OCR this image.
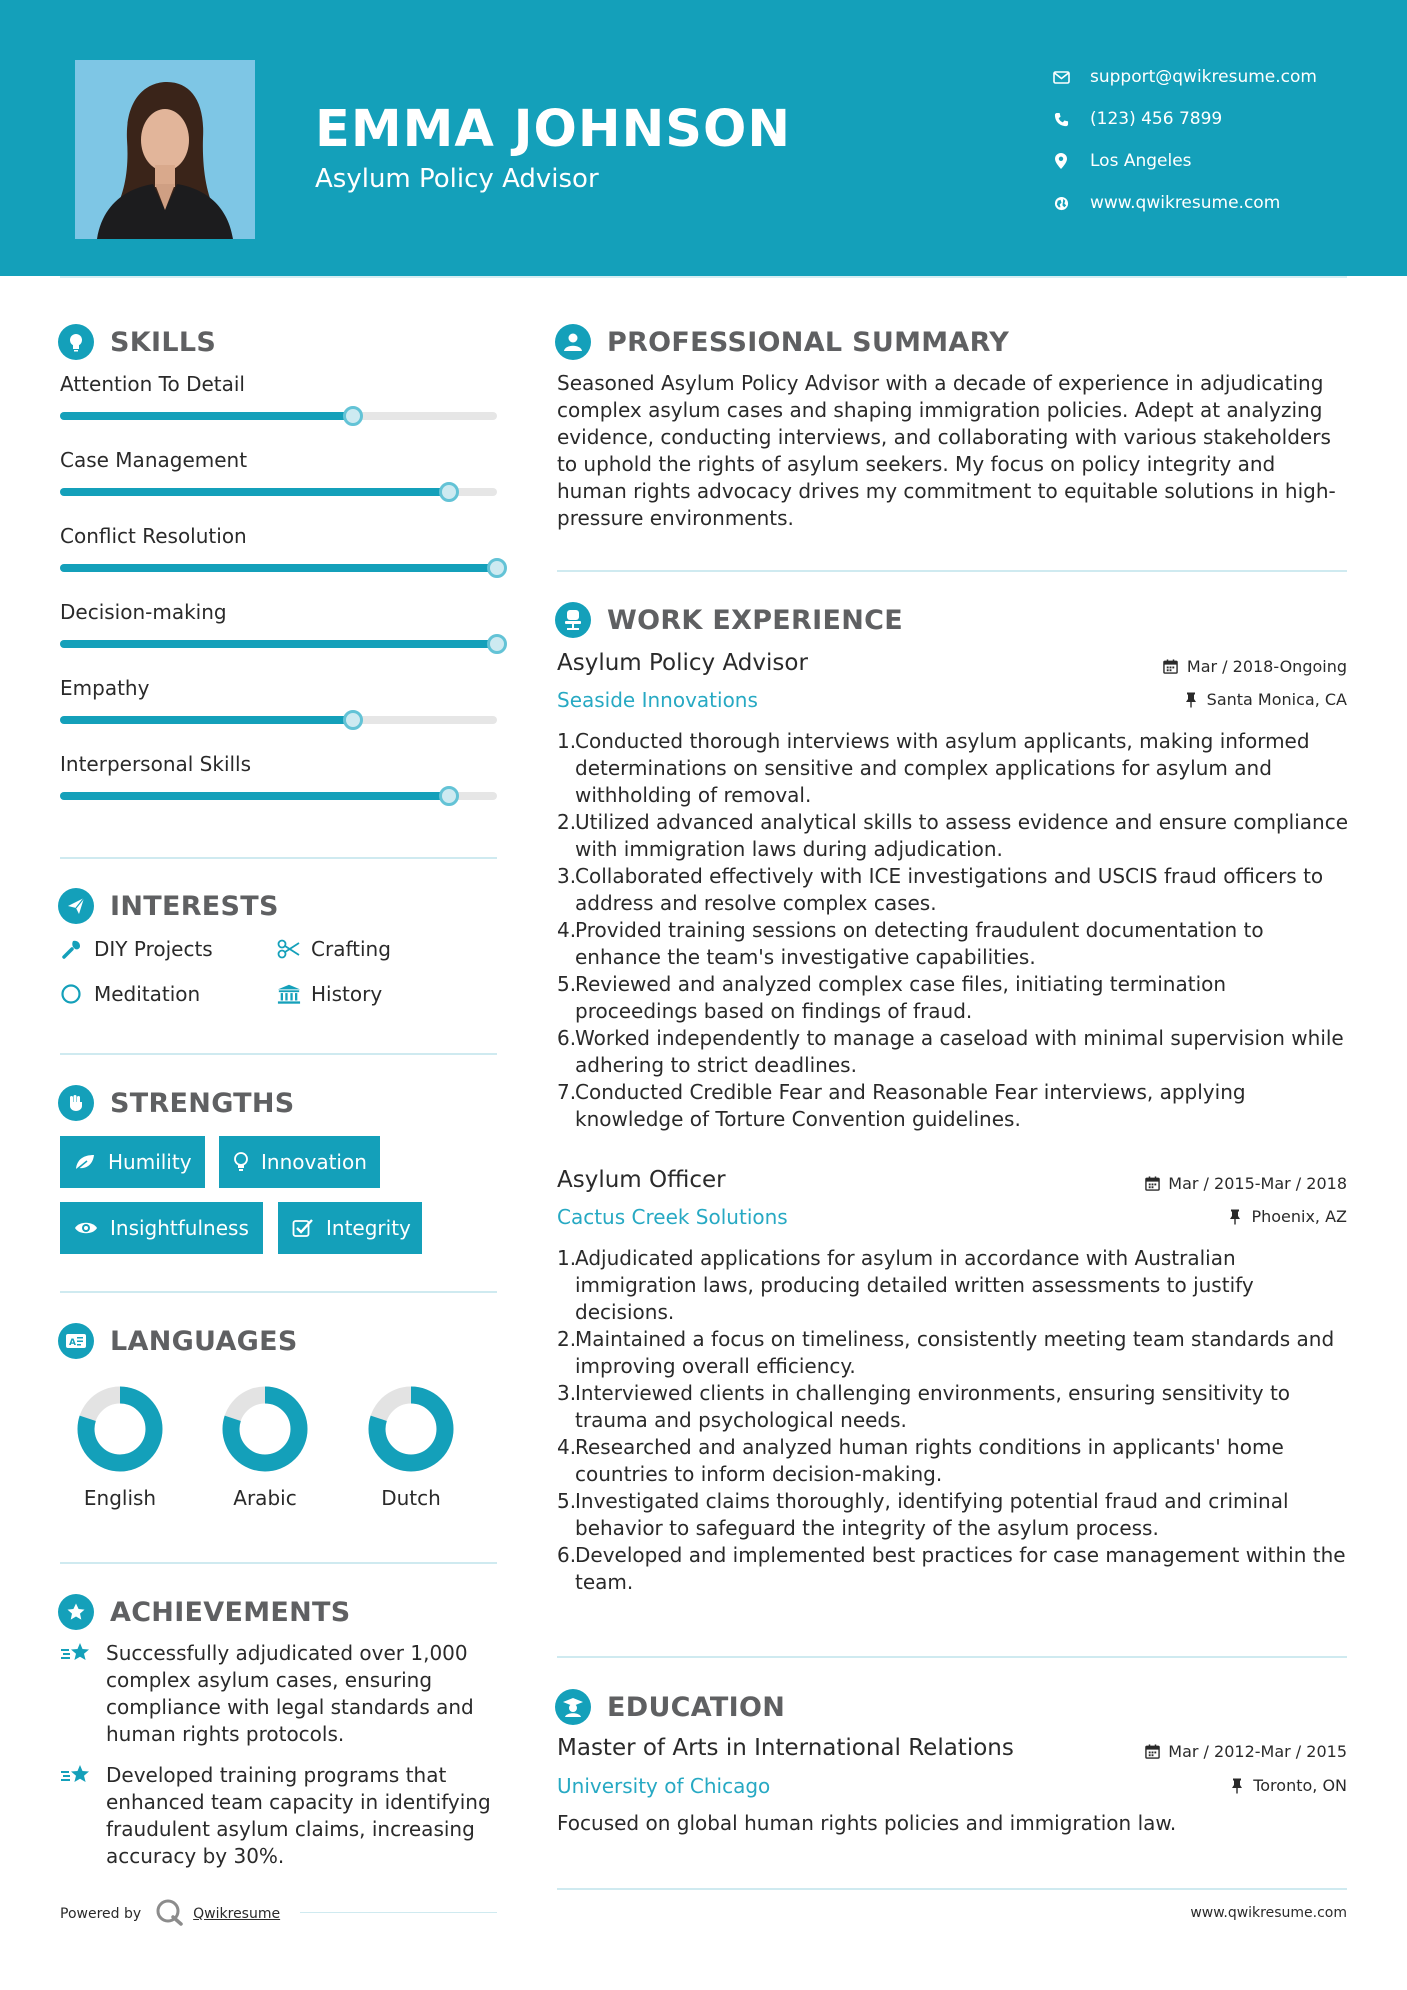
EMMA JOHNSON
Asylum Policy Advisor
support@qwikresume.com
(123) 456 7899
Los Angeles
www.qwikresume.com
SKILLS
Attention To Detail
Case Management
Conflict Resolution
Decision-making
Empathy
Interpersonal Skills
INTERESTS
DIY Projects	Crafting
Meditation	History
STRENGTHS
Humility	Innovation
Insightfulness	Integrity
A LANGUAGES
English	Arabic	Dutch
ACHIEVEMENTS
Successfully adjudicated over 1,000 complex asylum cases, ensuring compliance with legal standards and human rights protocols.
Developed training programs that enhanced team capacity in identifying fraudulent asylum claims, increasing accuracy by 30%.
Powered by	Qwikresume
PROFESSIONAL SUMMARY
Seasoned Asylum Policy Advisor with a decade of experience in adjudicating complex asylum cases and shaping immigration policies. Adept at analyzing evidence, conducting interviews, and collaborating with various stakeholders to uphold the rights of asylum seekers. My focus on policy integrity and human rights advocacy drives my commitment to equitable solutions in high-pressure environments.
WORK EXPERIENCE
Asylum Policy Advisor	Mar / 2018-Ongoing
Seaside Innovations	Santa Monica, CA
1.
Conducted thorough interviews with asylum applicants, making informed determinations on sensitive and complex applications for asylum and withholding of removal.
2.
Utilized advanced analytical skills to assess evidence and ensure compliance with immigration laws during adjudication.
3.
Collaborated effectively with ICE investigations and USCIS fraud officers to address and resolve complex cases.
4.
Provided training sessions on detecting fraudulent documentation to enhance the team's investigative capabilities.
5.
Reviewed and analyzed complex case files, initiating termination proceedings based on findings of fraud.
6.
Worked independently to manage a caseload with minimal supervision while adhering to strict deadlines.
7.
Conducted Credible Fear and Reasonable Fear interviews, applying knowledge of Torture Convention guidelines.
Asylum Officer	Mar / 2015-Mar / 2018
Cactus Creek Solutions	Phoenix, AZ
1.
Adjudicated applications for asylum in accordance with Australian immigration laws, producing detailed written assessments to justify decisions.
2.
Maintained a focus on timeliness, consistently meeting team standards and improving overall efficiency.
3.
Interviewed clients in challenging environments, ensuring sensitivity to trauma and psychological needs.
4.
Researched and analyzed human rights conditions in applicants' home countries to inform decision-making.
5.
Investigated claims thoroughly, identifying potential fraud and criminal behavior to safeguard the integrity of the asylum process.
6.
Developed and implemented best practices for case management within the team.
EDUCATION
Master of Arts in International Relations	Mar / 2012-Mar / 2015
University of Chicago	Toronto, ON
Focused on global human rights policies and immigration law.
www.qwikresume.com
